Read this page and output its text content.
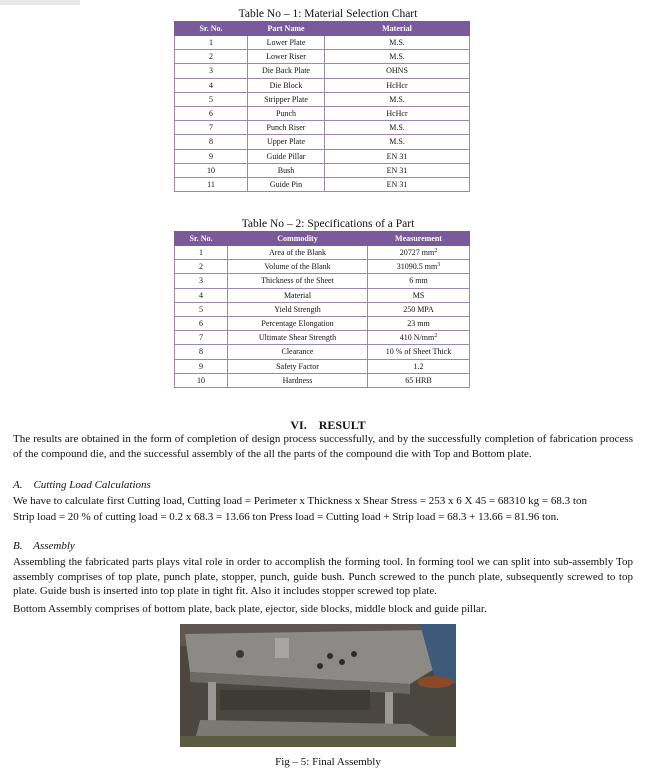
Table No – 1: Material Selection Chart
Sr. No.	Part Name	Material
1	Lower Plate	M.S.
2	Lower Riser	M.S.
3	Die Back Plate	OHNS
4	Die Block	HcHcr
5	Stripper Plate	M.S.
6	Punch	HcHcr
7	Punch Riser	M.S.
8	Upper Plate	M.S.
9	Guide Pillar	EN 31
10	Bush	EN 31
11	Guide Pin	EN 31
Table No – 2: Specifications of a Part
Sr. No.	Commodity	Measurement
1	Area of the Blank	20727 $mm^2$
2	Volume of the Blank	31090.5 $mm^3$
3	Thickness of the Sheet	6 mm
4	Material	MS
5	Yield Strength	250 MPA
6	Percentage Elongation	23 mm
7	Ultimate Shear Strength	410 $N/mm^2$
8	Clearance	10 % of Sheet Thick
9	Safety Factor	1.2
10	Hardness	65 HRB
VI.    RESULT
The results are obtained in the form of completion of design process successfully, and by the successfully completion of fabrication process of the compound die, and the successful assembly of the all the parts of the compound die with Top and Bottom plate.
A.    Cutting Load Calculations
We have to calculate first Cutting load, Cutting load = Perimeter x Thickness x Shear Stress = 253 x 6 X 45 = 68310 kg = 68.3 ton
Strip load = 20 % of cutting load = 0.2 x 68.3 = 13.66 ton Press load = Cutting load + Strip load = 68.3 + 13.66 = 81.96 ton.
B.    Assembly
Assembling the fabricated parts plays vital role in order to accomplish the forming tool. In forming tool we can split into sub-assembly Top assembly comprises of top plate, punch plate, stopper, punch, guide bush. Punch screwed to the punch plate, subsequently screwed to top plate. Guide bush is inserted into top plate in tight fit. Also it includes stopper screwed top plate.
Bottom Assembly comprises of bottom plate, back plate, ejector, side blocks, middle block and guide pillar.
Fig – 5: Final Assembly
